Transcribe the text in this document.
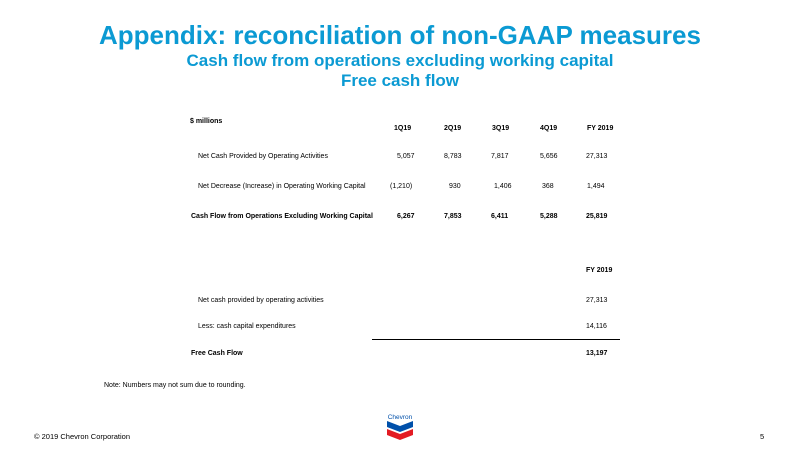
Appendix: reconciliation of non-GAAP measures
Cash flow from operations excluding working capital
Free cash flow
$ millions
1Q19	2Q19	3Q19	4Q19	FY 2019
Net Cash Provided by Operating Activities	5,057	8,783	7,817	5,656	27,313
Net Decrease (Increase) in Operating Working Capital	(1,210)	930	1,406	368	1,494
Cash Flow from Operations Excluding Working Capital	6,267	7,853	6,411	5,288	25,819
FY 2019
Net cash provided by operating activities	27,313
Less: cash capital expenditures	14,116
Free Cash Flow	13,197
Note: Numbers may not sum due to rounding.
Chevron
© 2019 Chevron Corporation	5
